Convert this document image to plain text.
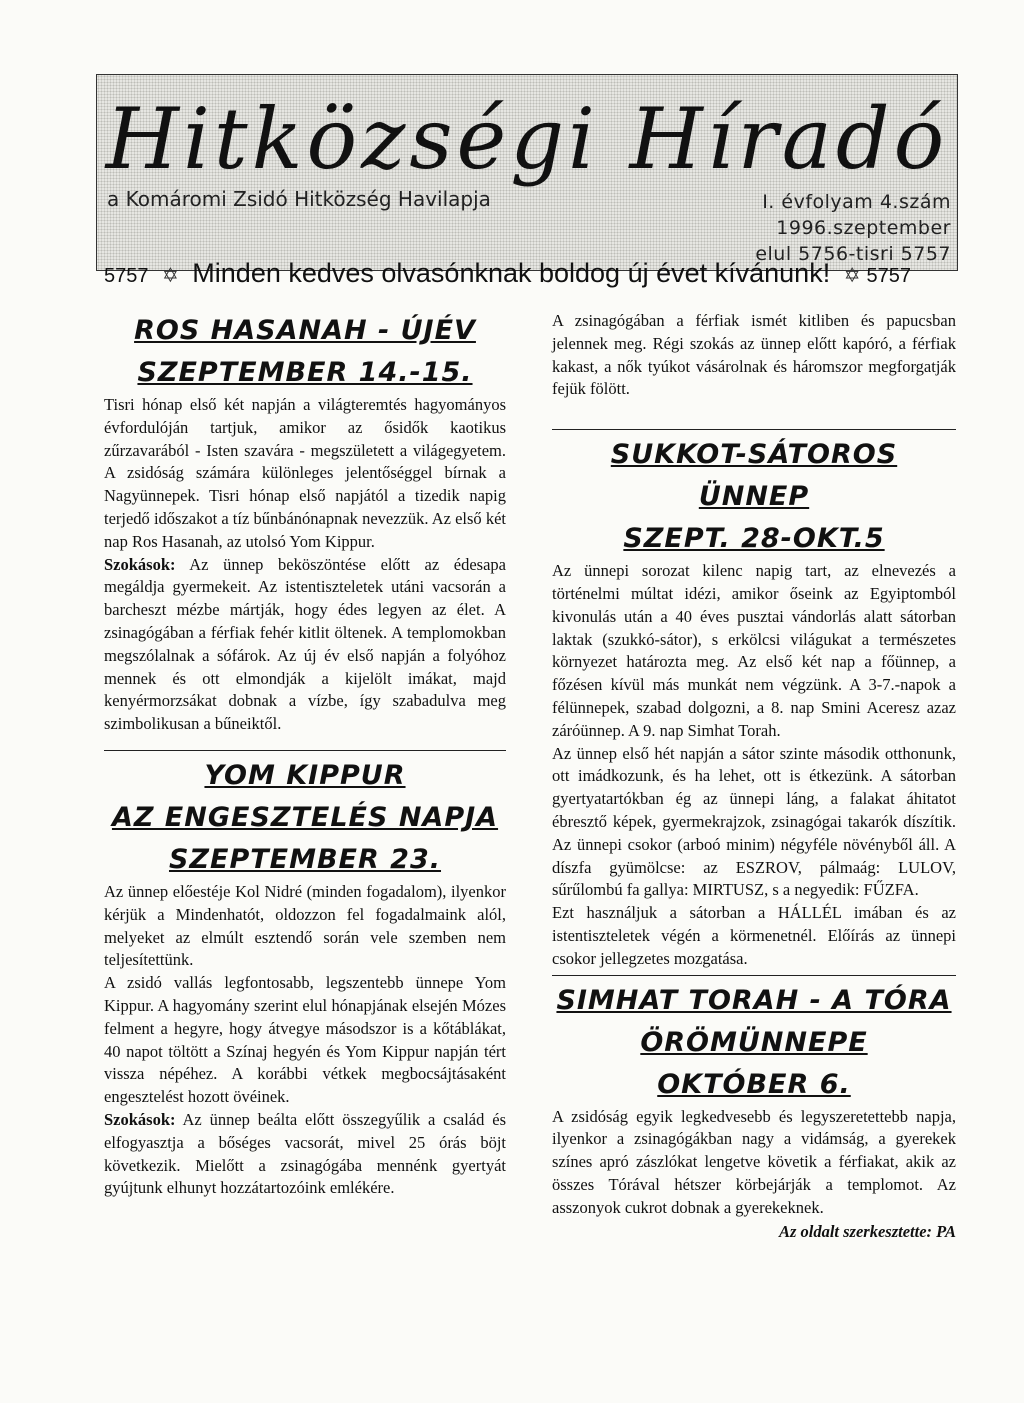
Hitközségi Híradó
a Komáromi Zsidó Hitközség Havilapja	I. évfolyam 4.szám
1996.szeptember
elul 5756-tisri 5757
5757 ✡ Minden kedves olvasónknak boldog új évet kívánunk! ✡ 5757

ROS HASANAH - ÚJÉV
SZEPTEMBER 14.-15.

Tisri hónap első két napján a világteremtés hagyományos évfordulóján tartjuk, amikor az ősidők kaotikus zűrzavarából - Isten szavára - megszületett a világegyetem. A zsidóság számára különleges jelentőséggel bírnak a Nagyünnepek. Tisri hónap első napjától a tizedik napig terjedő időszakot a tíz bűnbánónapnak nevezzük. Az első két nap Ros Hasanah, az utolsó Yom Kippur.

Szokások: Az ünnep beköszöntése előtt az édesapa megáldja gyermekeit. Az istentiszteletek utáni vacsorán a barcheszt mézbe mártják, hogy édes legyen az élet. A zsinagógában a férfiak fehér kitlit öltenek. A templomokban megszólalnak a sófárok. Az új év első napján a folyóhoz mennek és ott elmondják a kijelölt imákat, majd kenyérmorzsákat dobnak a vízbe, így szabadulva meg szimbolikusan a bűneiktől.

YOM KIPPUR
AZ ENGESZTELÉS NAPJA
SZEPTEMBER 23.

Az ünnep előestéje Kol Nidré (minden fogadalom), ilyenkor kérjük a Mindenhatót, oldozzon fel fogadalmaink alól, melyeket az elmúlt esztendő során vele szemben nem teljesítettünk.

A zsidó vallás legfontosabb, legszentebb ünnepe Yom Kippur. A hagyomány szerint elul hónapjának elsején Mózes felment a hegyre, hogy átvegye másodszor is a kőtáblákat, 40 napot töltött a Színaj hegyén és Yom Kippur napján tért vissza népéhez. A korábbi vétkek megbocsájtásaként engesztelést hozott övéinek.

Szokások: Az ünnep beálta előtt összegyűlik a család és elfogyasztja a bőséges vacsorát, mivel 25 órás böjt következik. Mielőtt a zsinagógába mennénk gyertyát gyújtunk elhunyt hozzátartozóink emlékére.

A zsinagógában a férfiak ismét kitliben és papucsban jelennek meg. Régi szokás az ünnep előtt kapóró, a férfiak kakast, a nők tyúkot vásárolnak és háromszor megforgatják fejük fölött.

SUKKOT-SÁTOROS ÜNNEP
SZEPT. 28-OKT.5

Az ünnepi sorozat kilenc napig tart, az elnevezés a történelmi múltat idézi, amikor őseink az Egyiptomból kivonulás után a 40 éves pusztai vándorlás alatt sátorban laktak (szukkó-sátor), s erkölcsi világukat a természetes környezet határozta meg. Az első két nap a főünnep, a főzésen kívül más munkát nem végzünk. A 3-7.-napok a félünnepek, szabad dolgozni, a 8. nap Smini Aceresz azaz záróünnep. A 9. nap Simhat Torah.

Az ünnep első hét napján a sátor szinte második otthonunk, ott imádkozunk, és ha lehet, ott is étkezünk. A sátorban gyertyatartókban ég az ünnepi láng, a falakat áhitatot ébresztő képek, gyermekrajzok, zsinagógai takarók díszítik. Az ünnepi csokor (arboó minim) négyféle növényből áll. A díszfa gyümölcse: az ESZROV, pálmaág: LULOV, sűrűlombú fa gallya: MIRTUSZ, s a negyedik: FŰZFA.

Ezt használjuk a sátorban a HÁLLÉL imában és az istentiszteletek végén a körmenetnél. Előírás az ünnepi csokor jellegzetes mozgatása.

SIMHAT TORAH - A TÓRA
ÖRÖMÜNNEPE
OKTÓBER 6.

A zsidóság egyik legkedvesebb és legyszeretettebb napja, ilyenkor a zsinagógákban nagy a vidámság, a gyerekek színes apró zászlókat lengetve követik a férfiakat, akik az összes Tórával hétszer körbejárják a templomot. Az asszonyok cukrot dobnak a gyerekeknek.

Az oldalt szerkesztette: PA
